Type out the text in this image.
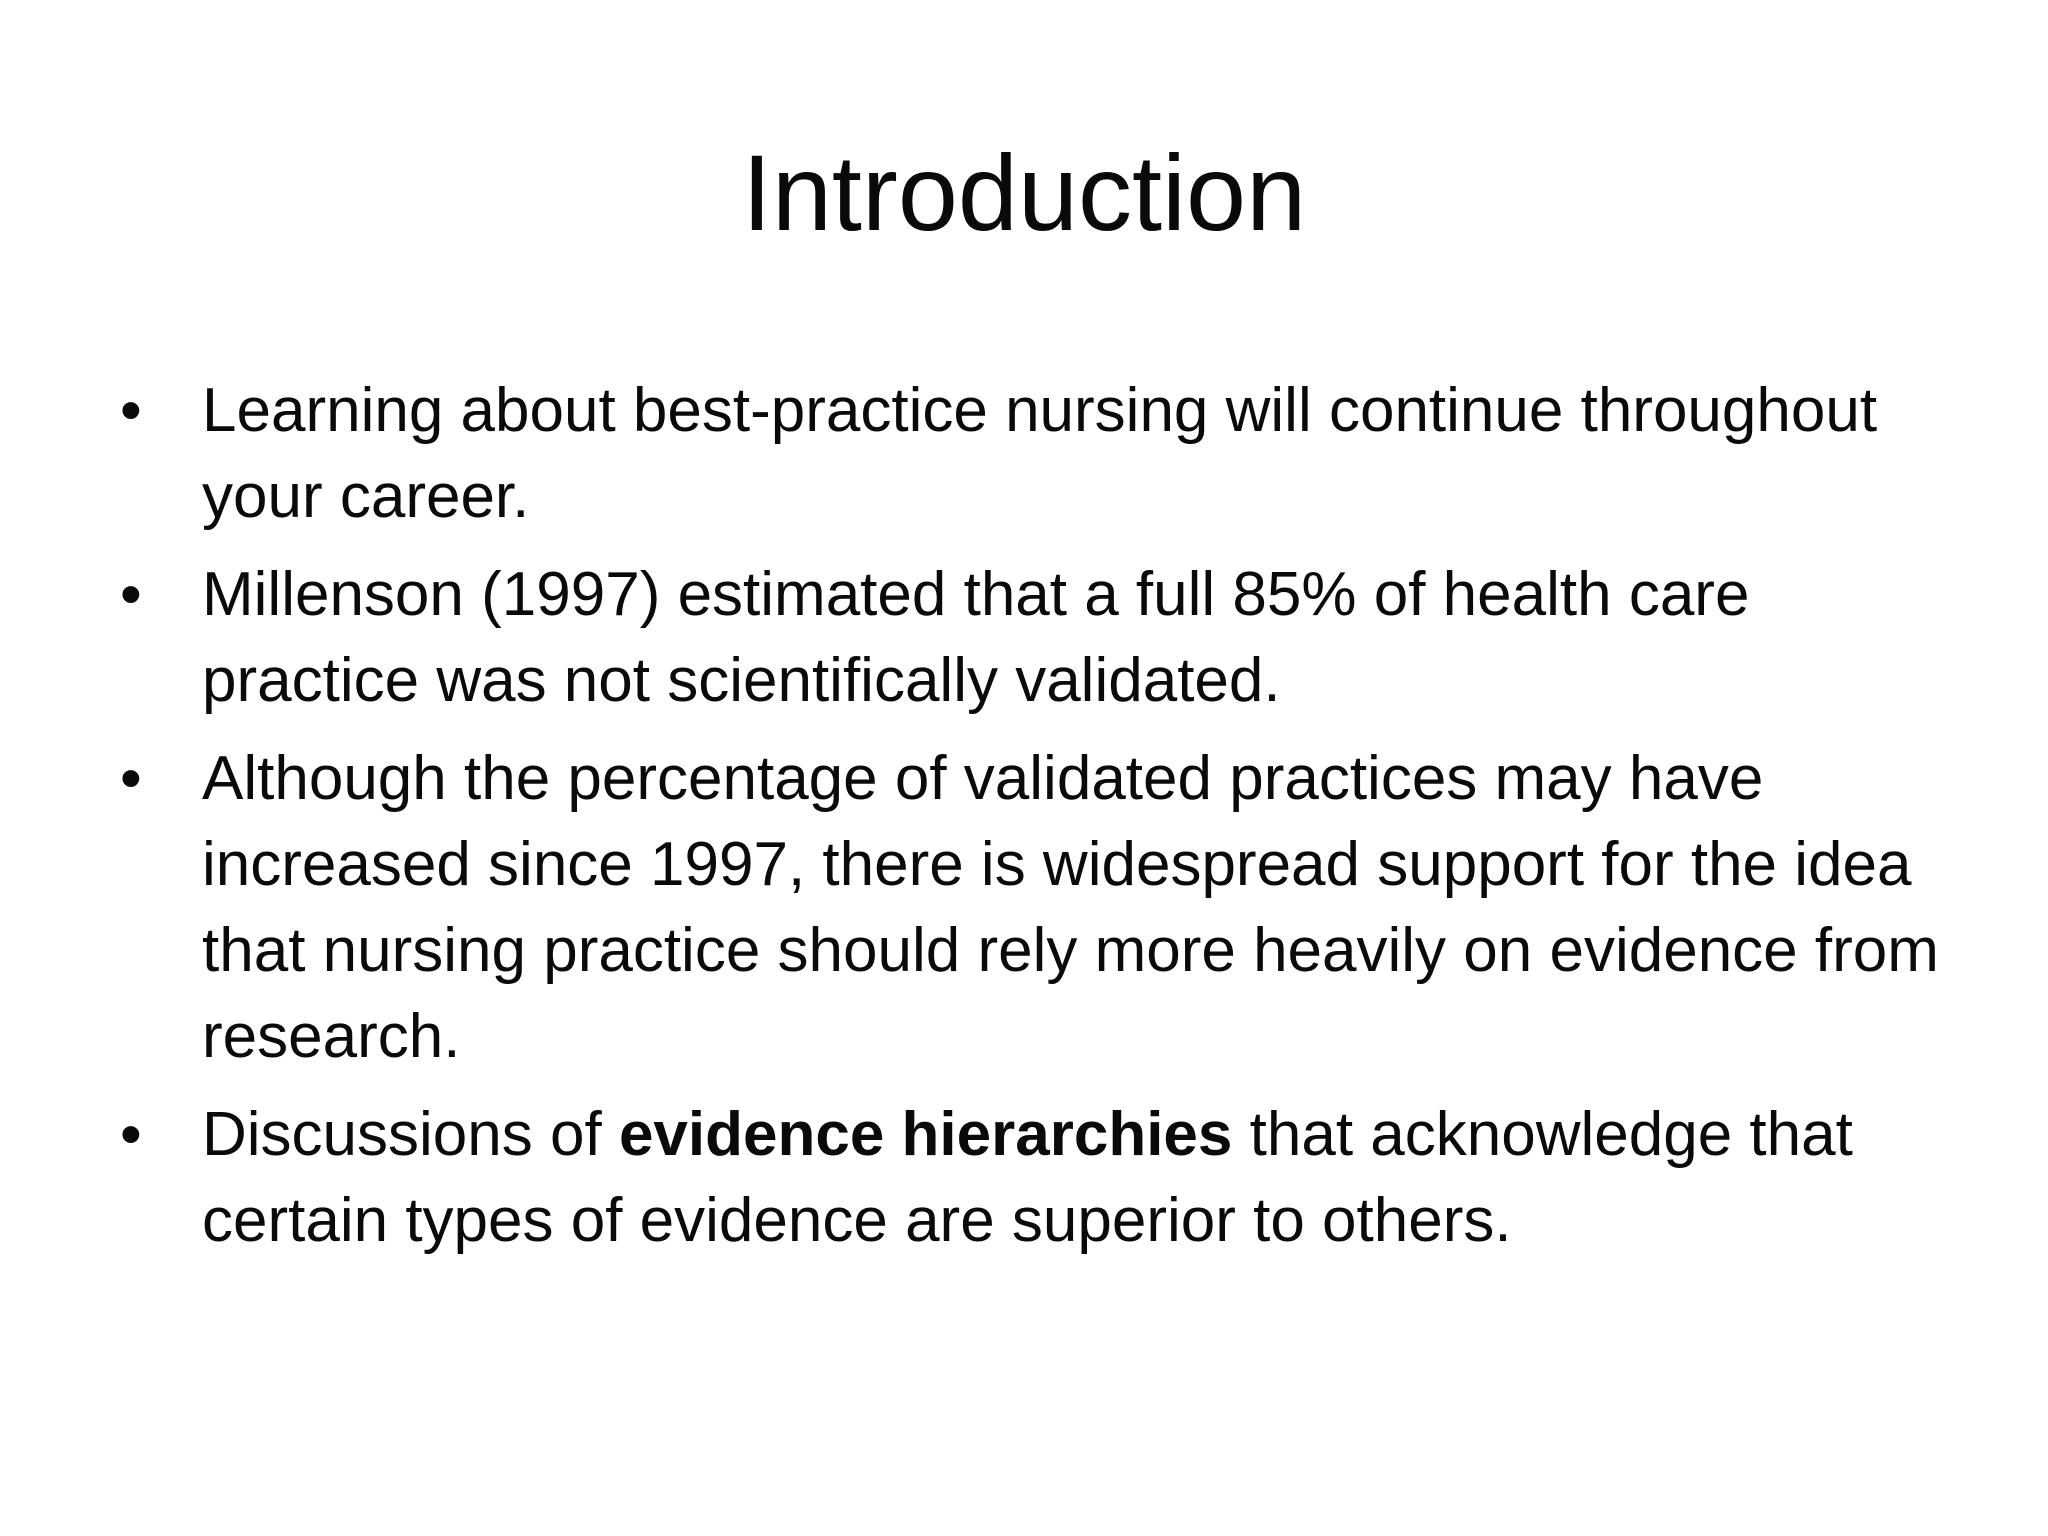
Introduction
• Learning about best-practice nursing will continue throughout your career.
• Millenson (1997) estimated that a full 85% of health care practice was not scientifically validated.
• Although the percentage of validated practices may have increased since 1997, there is widespread support for the idea that nursing practice should rely more heavily on evidence from research.
• Discussions of evidence hierarchies that acknowledge that certain types of evidence are superior to others.
